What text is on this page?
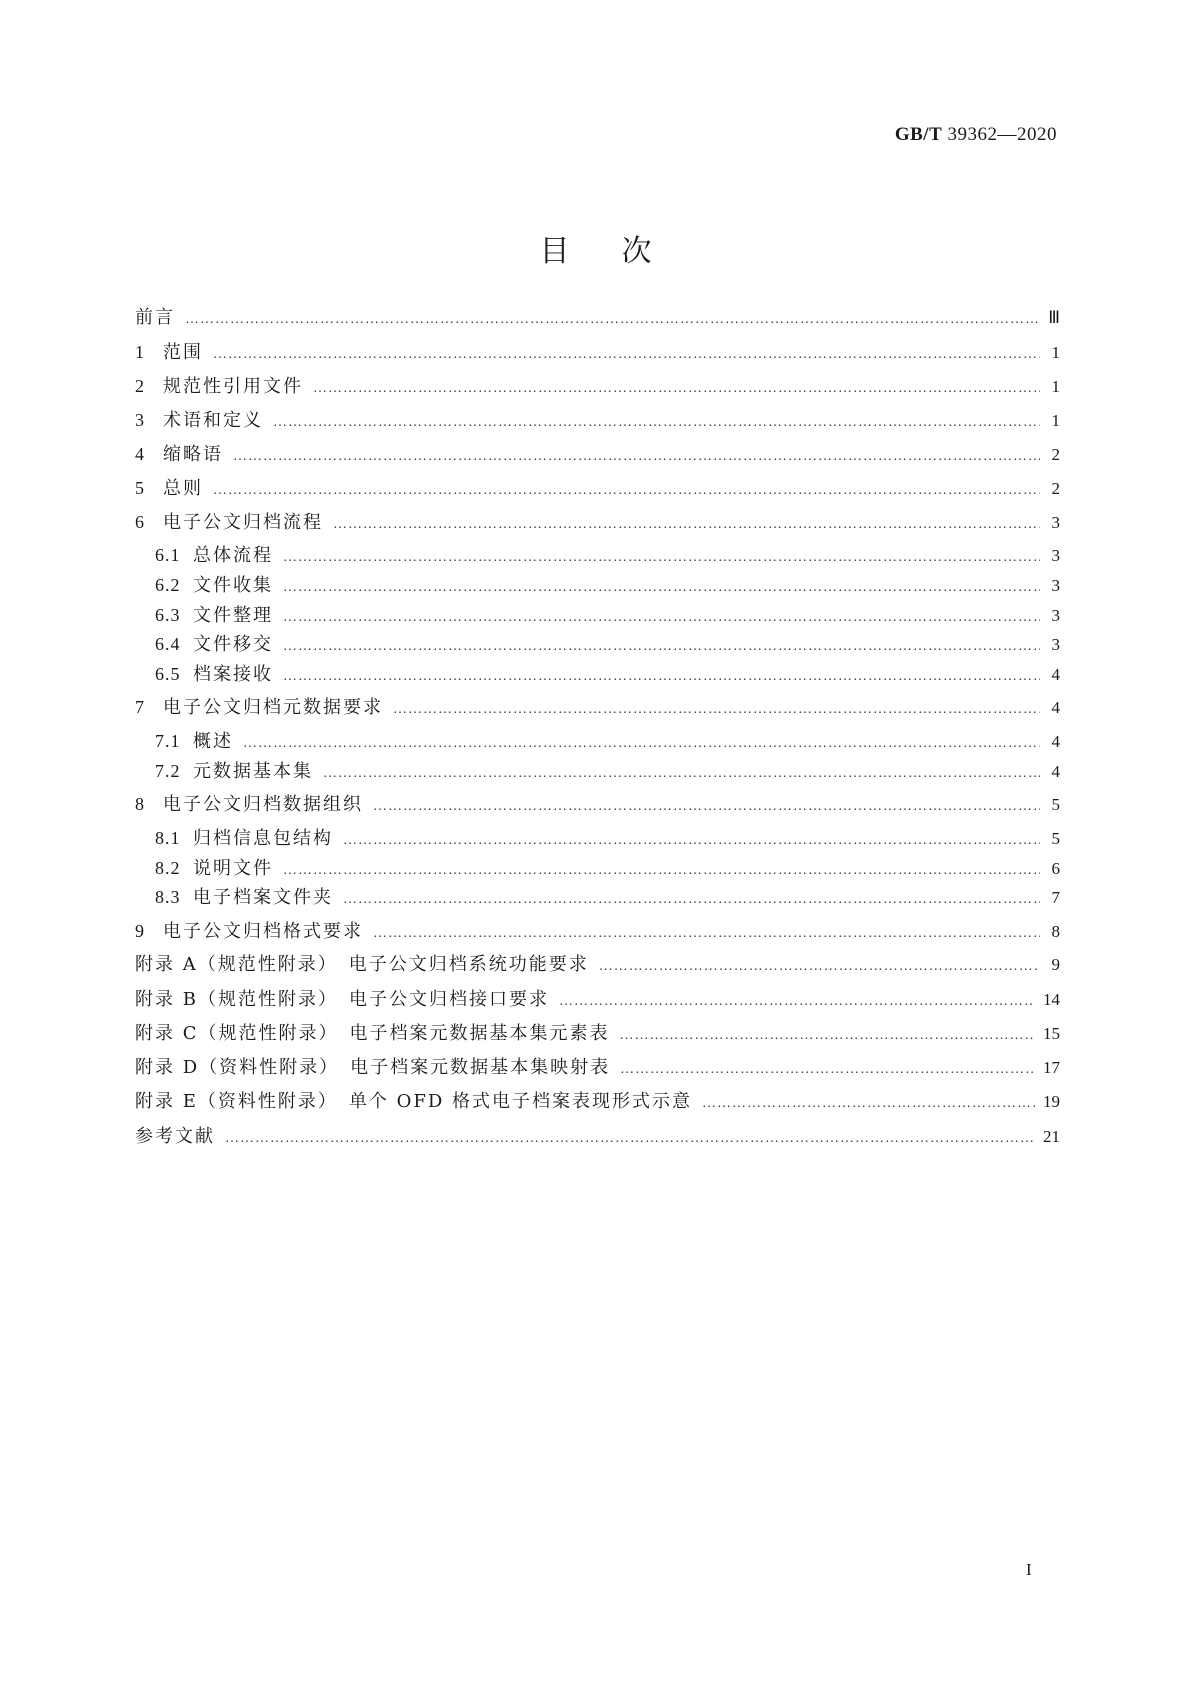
GB/T 39362—2020
目次
前言 …………………………………………………………………………………………………………………………………………………………………………………………………………………………………………………………	Ⅲ
1	范围 …………………………………………………………………………………………………………………………………………………………………………………………………………………………………………………………	1
2	规范性引用文件 …………………………………………………………………………………………………………………………………………………………………………………………………………………………………………………………	1
3	术语和定义 …………………………………………………………………………………………………………………………………………………………………………………………………………………………………………………………	1
4	缩略语 …………………………………………………………………………………………………………………………………………………………………………………………………………………………………………………………	2
5	总则 …………………………………………………………………………………………………………………………………………………………………………………………………………………………………………………………	2
6	电子公文归档流程 …………………………………………………………………………………………………………………………………………………………………………………………………………………………………………………………	3
6.1 总体流程 …………………………………………………………………………………………………………………………………………………………………………………………………………………………………………………………	3
6.2 文件收集 …………………………………………………………………………………………………………………………………………………………………………………………………………………………………………………………	3
6.3 文件整理 …………………………………………………………………………………………………………………………………………………………………………………………………………………………………………………………	3
6.4 文件移交 …………………………………………………………………………………………………………………………………………………………………………………………………………………………………………………………	3
6.5 档案接收 …………………………………………………………………………………………………………………………………………………………………………………………………………………………………………………………	4
7	电子公文归档元数据要求 …………………………………………………………………………………………………………………………………………………………………………………………………………………………………………………………	4
7.1 概述 …………………………………………………………………………………………………………………………………………………………………………………………………………………………………………………………	4
7.2 元数据基本集 …………………………………………………………………………………………………………………………………………………………………………………………………………………………………………………………	4
8	电子公文归档数据组织 …………………………………………………………………………………………………………………………………………………………………………………………………………………………………………………………	5
8.1 归档信息包结构 …………………………………………………………………………………………………………………………………………………………………………………………………………………………………………………………	5
8.2 说明文件 …………………………………………………………………………………………………………………………………………………………………………………………………………………………………………………………	6
8.3 电子档案文件夹 …………………………………………………………………………………………………………………………………………………………………………………………………………………………………………………………	7
9	电子公文归档格式要求 …………………………………………………………………………………………………………………………………………………………………………………………………………………………………………………………	8
附录 A（规范性附录）　电子公文归档系统功能要求 …………………………………………………………………………………………………………………………………………………………………………………………………………………………………………………………	9
附录 B（规范性附录）　电子公文归档接口要求 …………………………………………………………………………………………………………………………………………………………………………………………………………………………………………………………	14
附录 C（规范性附录）　电子档案元数据基本集元素表 …………………………………………………………………………………………………………………………………………………………………………………………………………………………………………………………	15
附录 D（资料性附录）　电子档案元数据基本集映射表 …………………………………………………………………………………………………………………………………………………………………………………………………………………………………………………………	17
附录 E（资料性附录）　单个 OFD 格式电子档案表现形式示意 …………………………………………………………………………………………………………………………………………………………………………………………………………………………………………………………	19
参考文献 …………………………………………………………………………………………………………………………………………………………………………………………………………………………………………………………	21
I
